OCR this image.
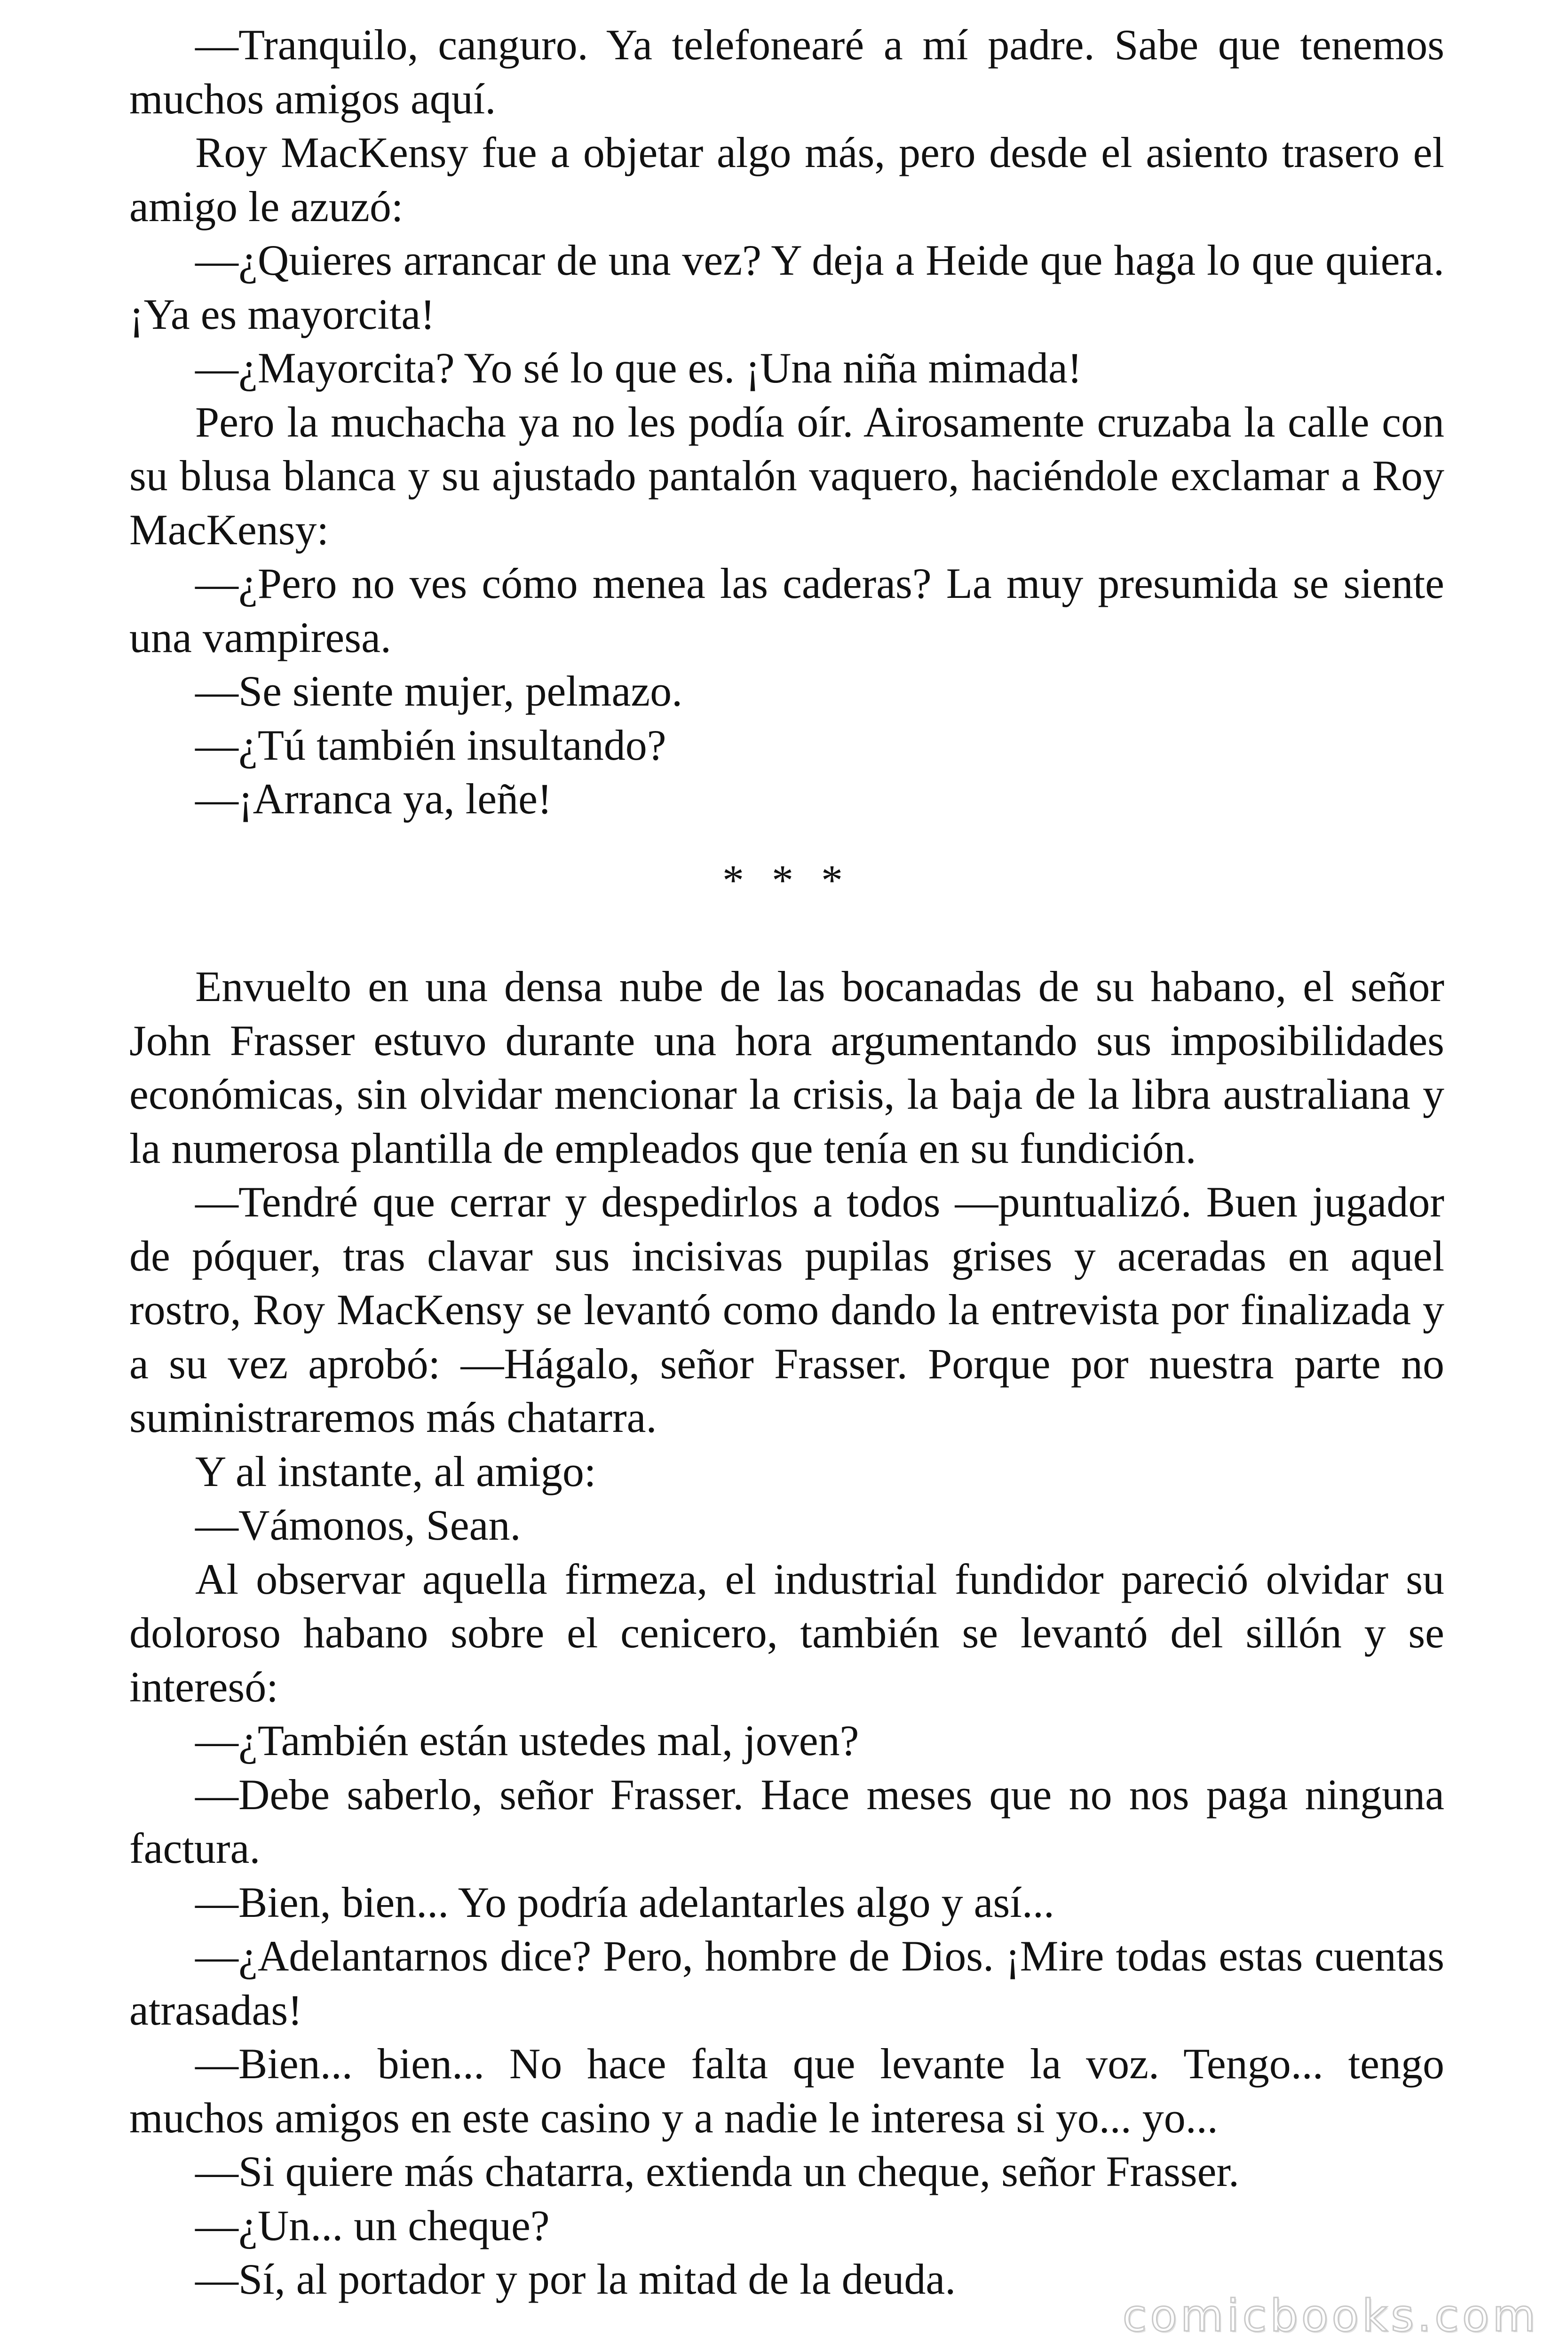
—Tranquilo, canguro. Ya telefonearé a mí padre. Sabe que tenemos muchos amigos aquí.

Roy MacKensy fue a objetar algo más, pero desde el asiento trasero el amigo le azuzó:

—¿Quieres arrancar de una vez? Y deja a Heide que haga lo que quiera. ¡Ya es mayorcita!

—¿Mayorcita? Yo sé lo que es. ¡Una niña mimada!

Pero la muchacha ya no les podía oír. Airosamente cruzaba la calle con su blusa blanca y su ajustado pantalón vaquero, haciéndole exclamar a Roy MacKensy:

—¿Pero no ves cómo menea las caderas? La muy presumida se siente una vampiresa.

—Se siente mujer, pelmazo.

—¿Tú también insultando?

—¡Arranca ya, leñe!

* * *

Envuelto en una densa nube de las bocanadas de su habano, el señor John Frasser estuvo durante una hora argumentando sus imposibilidades económicas, sin olvidar mencionar la crisis, la baja de la libra australiana y la numerosa plantilla de empleados que tenía en su fundición.

—Tendré que cerrar y despedirlos a todos —puntualizó. Buen jugador de póquer, tras clavar sus incisivas pupilas grises y aceradas en aquel rostro, Roy MacKensy se levantó como dando la entrevista por finalizada y a su vez aprobó: —Hágalo, señor Frasser. Porque por nuestra parte no suministraremos más chatarra.

Y al instante, al amigo:

—Vámonos, Sean.

Al observar aquella firmeza, el industrial fundidor pareció olvidar su doloroso habano sobre el cenicero, también se levantó del sillón y se interesó:

—¿También están ustedes mal, joven?

—Debe saberlo, señor Frasser. Hace meses que no nos paga ninguna factura.

—Bien, bien... Yo podría adelantarles algo y así...

—¿Adelantarnos dice? Pero, hombre de Dios. ¡Mire todas estas cuentas atrasadas!

—Bien... bien... No hace falta que levante la voz. Tengo... tengo muchos amigos en este casino y a nadie le interesa si yo... yo...

—Si quiere más chatarra, extienda un cheque, señor Frasser.

—¿Un... un cheque?

—Sí, al portador y por la mitad de la deuda.

comicbooks.com
